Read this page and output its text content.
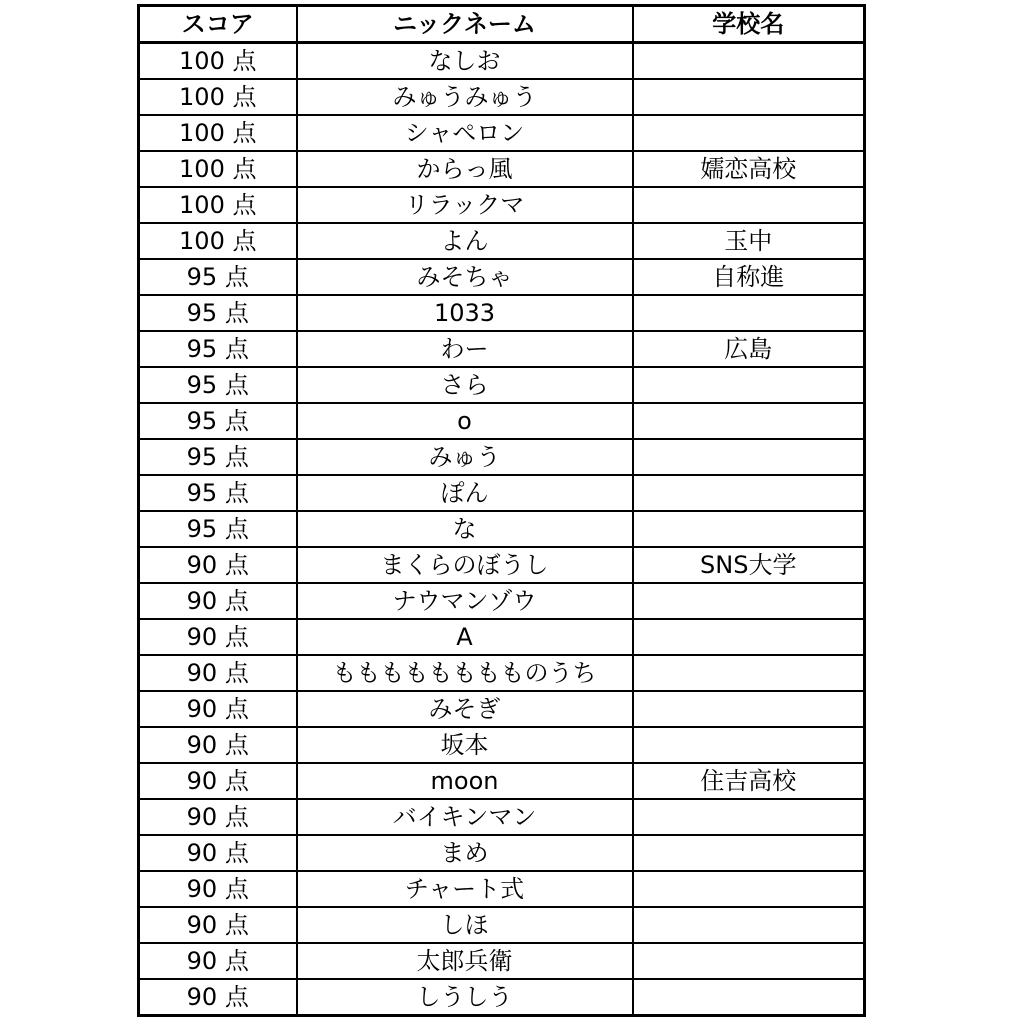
スコア	ニックネーム	学校名
100 点	なしお	
100 点	みゅうみゅう	
100 点	シャペロン	
100 点	からっ風	嬬恋高校
100 点	リラックマ	
100 点	よん	玉中
95 点	みそちゃ	自称進
95 点	1033	
95 点	わー	広島
95 点	さら	
95 点	o	
95 点	みゅう	
95 点	ぽん	
95 点	な	
90 点	まくらのぼうし	SNS大学
90 点	ナウマンゾウ	
90 点	A	
90 点	もももももももものうち	
90 点	みそぎ	
90 点	坂本	
90 点	moon	住吉高校
90 点	バイキンマン	
90 点	まめ	
90 点	チャート式	
90 点	しほ	
90 点	太郎兵衛	
90 点	しうしう	
